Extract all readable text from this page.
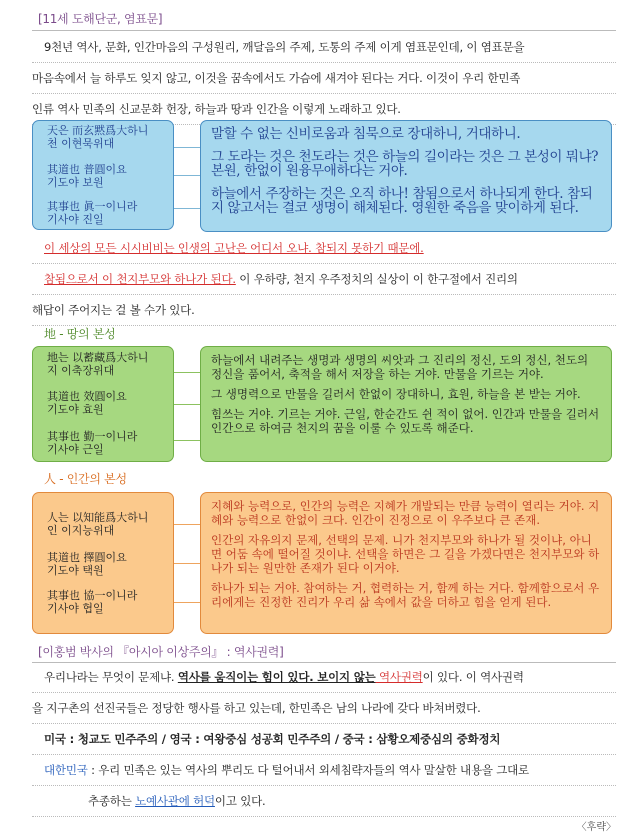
[11세 도해단군, 염표문]
9천년 역사, 문화, 인간마음의 구성원리, 깨달음의 주제, 도통의 주제 이게 염표문인데, 이 염표문을
마음속에서 늘 하루도 잊지 않고, 이것을 꿈속에서도 가슴에 새겨야 된다는 거다. 이것이 우리 한민족
인류 역사 민족의 신교문화 헌장, 하늘과 땅과 인간을 이렇게 노래하고 있다.
天은 而玄黙爲大하니
천 이현묵위대
其道也 普圓이요
기도야 보원
其事也 眞一이니라
기사야 진일

말할 수 없는 신비로움과 침묵으로 장대하니, 거대하니.

그 도라는 것은 천도라는 것은 하늘의 길이라는 것은 그 본성이 뭐냐? 본원, 한없이 원융무애하다는 거야.

하늘에서 주장하는 것은 오직 하나! 참됨으로서 하나되게 한다. 참되지 않고서는 결코 생명이 해체된다. 영원한 죽음을 맞이하게 된다.

이 세상의 모든 시시비비는 인생의 고난은 어디서 오냐. 참되지 못하기 때문에.
참됨으로서 이 천지부모와 하나가 된다. 이 우하량, 천지 우주정치의 실상이 이 한구절에서 진리의
해답이 주어지는 걸 볼 수가 있다.
地 - 땅의 본성
地는 以蓄藏爲大하니
지 이축장위대
其道也 效圓이요
기도야 효원
其事也 勤一이니라
기사야 근일

하늘에서 내려주는 생명과 생명의 씨앗과 그 진리의 정신, 도의 정신, 천도의 정신을 품어서, 축적을 해서 저장을 하는 거야. 만물을 기르는 거야.

그 생명력으로 만물을 길러서 한없이 장대하니, 효원, 하늘을 본 받는 거야.

힘쓰는 거야. 기르는 거야. 근일, 한순간도 쉰 적이 없어. 인간과 만물을 길러서 인간으로 하여금 천지의 꿈을 이룰 수 있도록 해준다.

人 - 인간의 본성
人는 以知能爲大하니
인 이지능위대
其道也 擇圓이요
기도야 택원
其事也 協一이니라
기사야 협일

지혜와 능력으로, 인간의 능력은 지혜가 개발되는 만큼 능력이 열리는 거야. 지혜와 능력으로 한없이 크다. 인간이 진정으로 이 우주보다 큰 존재.

인간의 자유의지 문제, 선택의 문제. 니가 천지부모와 하나가 될 것이냐, 아니면 어둠 속에 떨어질 것이냐. 선택을 하면은 그 길을 가겠다면은 천지부모와 하나가 되는 원만한 존재가 된다 이거야.

하나가 되는 거야. 참여하는 거, 협력하는 거, 함께 하는 거다. 함께함으로서 우리에게는 진정한 진리가 우리 삶 속에서 값을 더하고 힘을 얻게 된다.

[이홍범 박사의 『아시아 이상주의』 : 역사권력]
우리나라는 무엇이 문제냐. 역사를 움직이는 힘이 있다. 보이지 않는 역사권력이 있다. 이 역사권력
을 지구촌의 선진국들은 정당한 행사를 하고 있는데, 한민족은 남의 나라에 갖다 바쳐버렸다.
미국 : 청교도 민주주의 / 영국 : 여왕중심 성공회 민주주의 / 중국 : 삼황오제중심의 중화정치
대한민국 : 우리 민족은 있는 역사의 뿌리도 다 털어내서 외세침략자들의 역사 말살한 내용을 그대로
추종하는 노예사관에 허덕이고 있다.
〈후략〉
